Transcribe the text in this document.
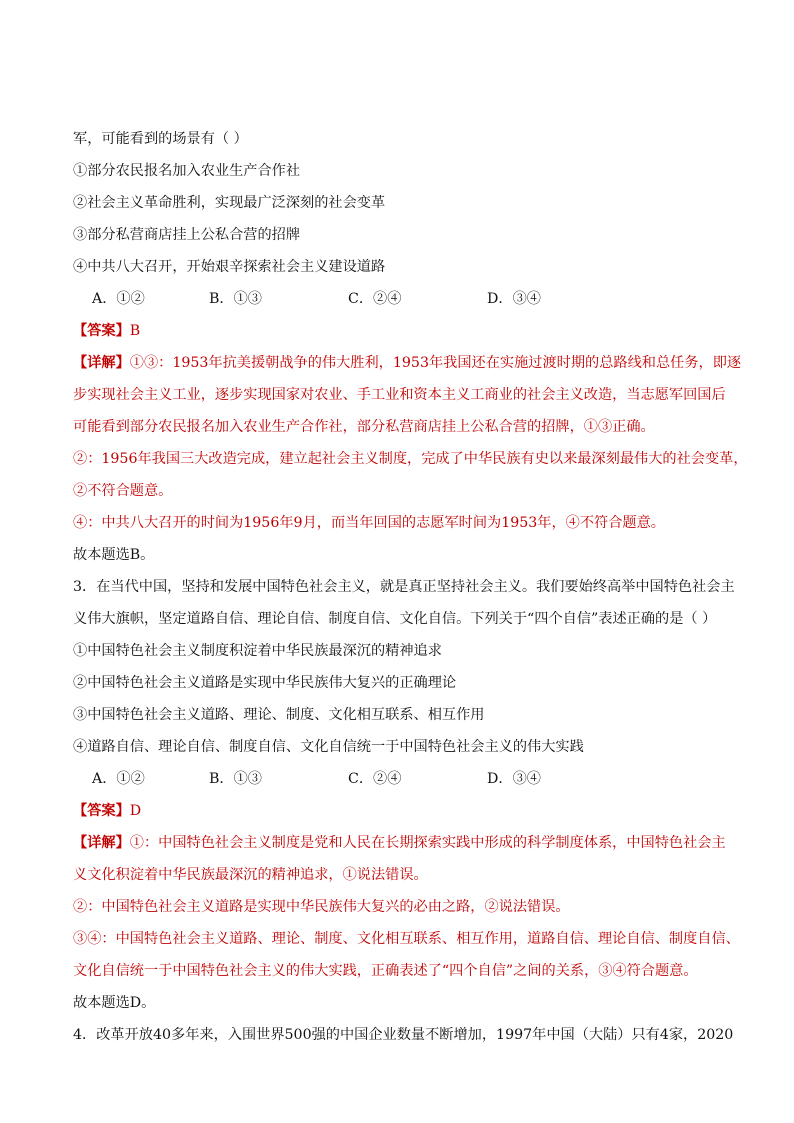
军，可能看到的场景有（ ）
①部分农民报名加入农业生产合作社
②社会主义革命胜利，实现最广泛深刻的社会变革
③部分私营商店挂上公私合营的招牌
④中共八大召开，开始艰辛探索社会主义建设道路
A．①②	B．①③	C．②④	D．③④
【答案】B
【详解】①③：1953年抗美援朝战争的伟大胜利，1953年我国还在实施过渡时期的总路线和总任务，即逐
步实现社会主义工业，逐步实现国家对农业、手工业和资本主义工商业的社会主义改造，当志愿军回国后
可能看到部分农民报名加入农业生产合作社，部分私营商店挂上公私合营的招牌，①③正确。
②：1956年我国三大改造完成，建立起社会主义制度，完成了中华民族有史以来最深刻最伟大的社会变革，
②不符合题意。
④：中共八大召开的时间为1956年9月，而当年回国的志愿军时间为1953年，④不符合题意。
故本题选B。
3．在当代中国，坚持和发展中国特色社会主义，就是真正坚持社会主义。我们要始终高举中国特色社会主
义伟大旗帜，坚定道路自信、理论自信、制度自信、文化自信。下列关于“四个自信”表述正确的是（ ）
①中国特色社会主义制度积淀着中华民族最深沉的精神追求
②中国特色社会主义道路是实现中华民族伟大复兴的正确理论
③中国特色社会主义道路、理论、制度、文化相互联系、相互作用
④道路自信、理论自信、制度自信、文化自信统一于中国特色社会主义的伟大实践
A．①②	B．①③	C．②④	D．③④
【答案】D
【详解】①：中国特色社会主义制度是党和人民在长期探索实践中形成的科学制度体系，中国特色社会主
义文化积淀着中华民族最深沉的精神追求，①说法错误。
②：中国特色社会主义道路是实现中华民族伟大复兴的必由之路，②说法错误。
③④：中国特色社会主义道路、理论、制度、文化相互联系、相互作用，道路自信、理论自信、制度自信、
文化自信统一于中国特色社会主义的伟大实践，正确表述了“四个自信”之间的关系，③④符合题意。
故本题选D。
4．改革开放40多年来，入围世界500强的中国企业数量不断增加，1997年中国（大陆）只有4家，2020
